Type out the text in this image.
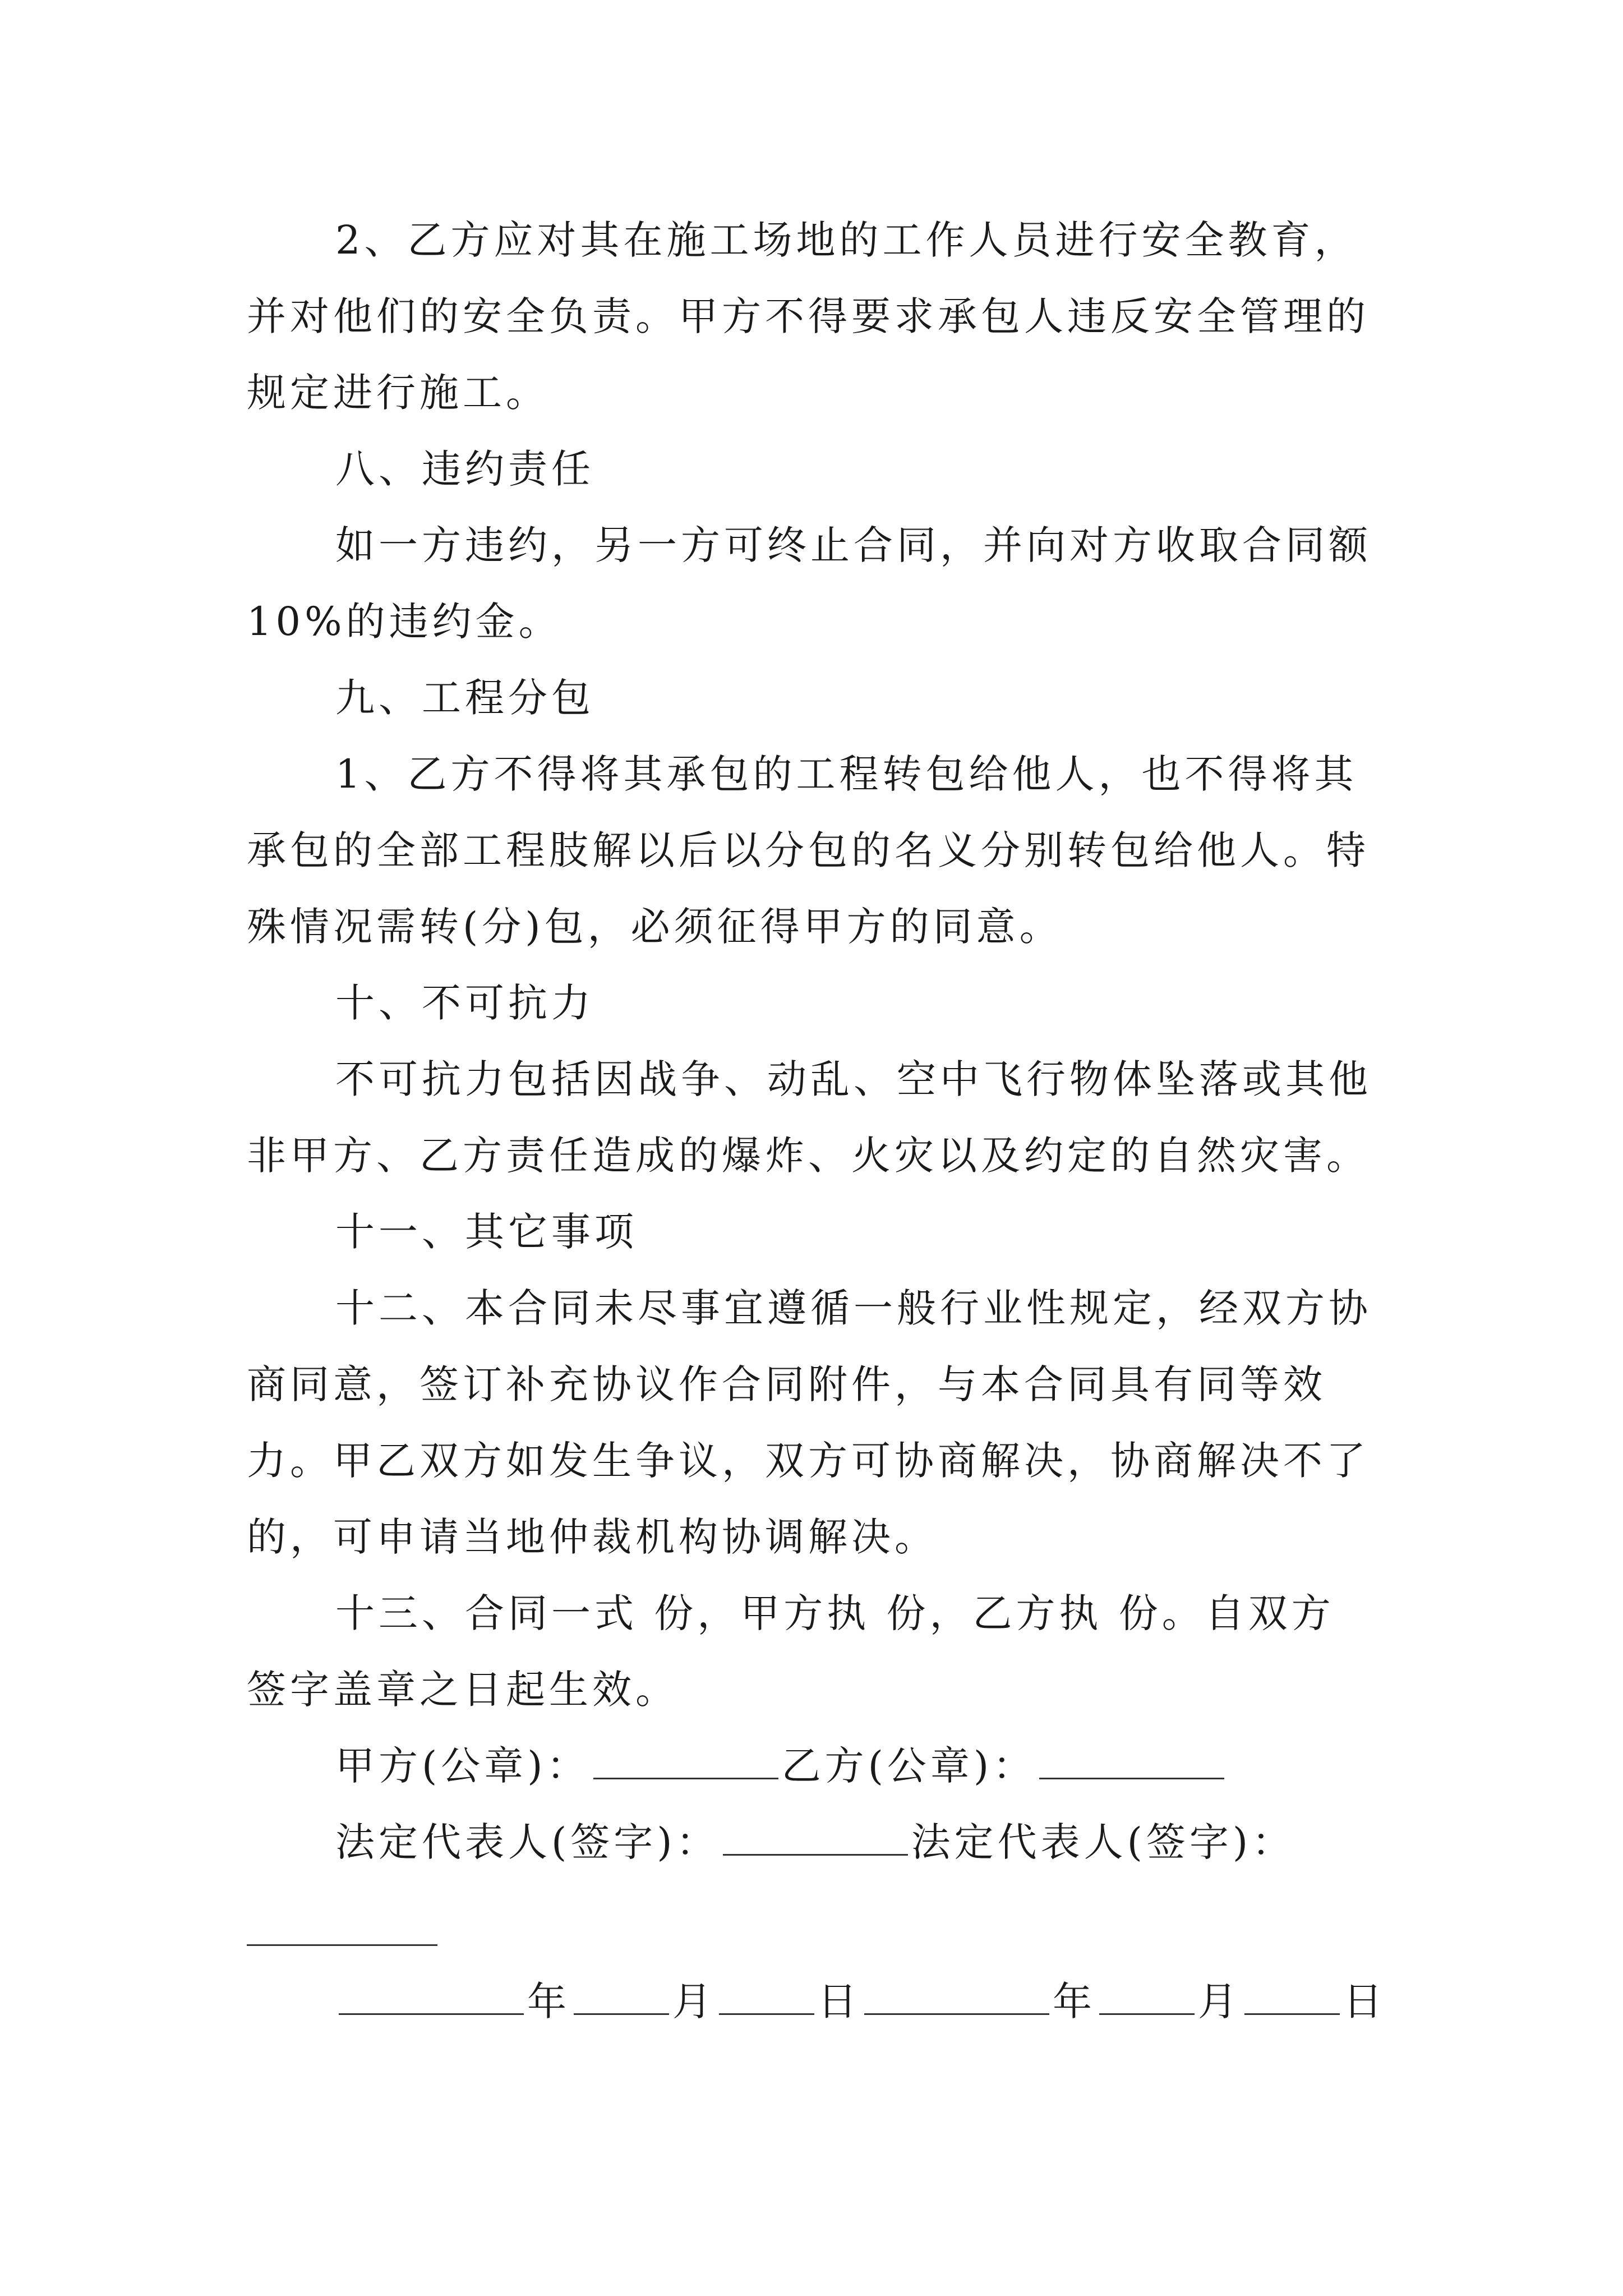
2、乙方应对其在施工场地的工作人员进行安全教育，并对他们的安全负责。甲方不得要求承包人违反安全管理的规定进行施工。

八、违约责任

如一方违约，另一方可终止合同，并向对方收取合同额10%的违约金。

九、工程分包

1、乙方不得将其承包的工程转包给他人，也不得将其承包的全部工程肢解以后以分包的名义分别转包给他人。特殊情况需转(分)包，必须征得甲方的同意。

十、不可抗力

不可抗力包括因战争、动乱、空中飞行物体坠落或其他非甲方、乙方责任造成的爆炸、火灾以及约定的自然灾害。

十一、其它事项

十二、本合同未尽事宜遵循一般行业性规定，经双方协商同意，签订补充协议作合同附件，与本合同具有同等效力。甲乙双方如发生争议，双方可协商解决，协商解决不了的，可申请当地仲裁机构协调解决。

十三、合同一式 份，甲方执 份，乙方执 份。自双方签字盖章之日起生效。

甲方(公章)：	乙方(公章)：

法定代表人(签字)：	法定代表人(签字)：

年	月	日	年	月	日
